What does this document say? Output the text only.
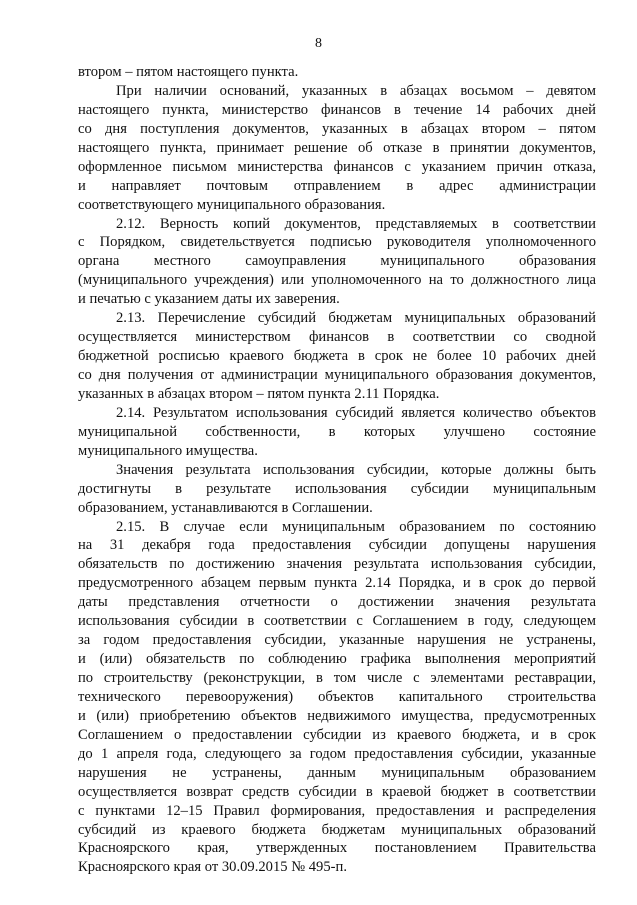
8
втором – пятом настоящего пункта.
При наличии оснований, указанных в абзацах восьмом – девятом
настоящего пункта, министерство финансов в течение 14 рабочих дней
со дня поступления документов, указанных в абзацах втором – пятом
настоящего пункта, принимает решение об отказе в принятии документов,
оформленное письмом министерства финансов с указанием причин отказа,
и направляет почтовым отправлением в адрес администрации
соответствующего муниципального образования.
2.12. Верность копий документов, представляемых в соответствии
с Порядком, свидетельствуется подписью руководителя уполномоченного
органа местного самоуправления муниципального образования
(муниципального учреждения) или уполномоченного на то должностного лица
и печатью с указанием даты их заверения.
2.13. Перечисление субсидий бюджетам муниципальных образований
осуществляется министерством финансов в соответствии со сводной
бюджетной росписью краевого бюджета в срок не более 10 рабочих дней
со дня получения от администрации муниципального образования документов,
указанных в абзацах втором – пятом пункта 2.11 Порядка.
2.14. Результатом использования субсидий является количество объектов
муниципальной собственности, в которых улучшено состояние
муниципального имущества.
Значения результата использования субсидии, которые должны быть
достигнуты в результате использования субсидии муниципальным
образованием, устанавливаются в Соглашении.
2.15. В случае если муниципальным образованием по состоянию
на 31 декабря года предоставления субсидии допущены нарушения
обязательств по достижению значения результата использования субсидии,
предусмотренного абзацем первым пункта 2.14 Порядка, и в срок до первой
даты представления отчетности о достижении значения результата
использования субсидии в соответствии с Соглашением в году, следующем
за годом предоставления субсидии, указанные нарушения не устранены,
и (или) обязательств по соблюдению графика выполнения мероприятий
по строительству (реконструкции, в том числе с элементами реставрации,
технического перевооружения) объектов капитального строительства
и (или) приобретению объектов недвижимого имущества, предусмотренных
Соглашением о предоставлении субсидии из краевого бюджета, и в срок
до 1 апреля года, следующего за годом предоставления субсидии, указанные
нарушения не устранены, данным муниципальным образованием
осуществляется возврат средств субсидии в краевой бюджет в соответствии
с пунктами 12–15 Правил формирования, предоставления и распределения
субсидий из краевого бюджета бюджетам муниципальных образований
Красноярского края, утвержденных постановлением Правительства
Красноярского края от 30.09.2015 № 495-п.
